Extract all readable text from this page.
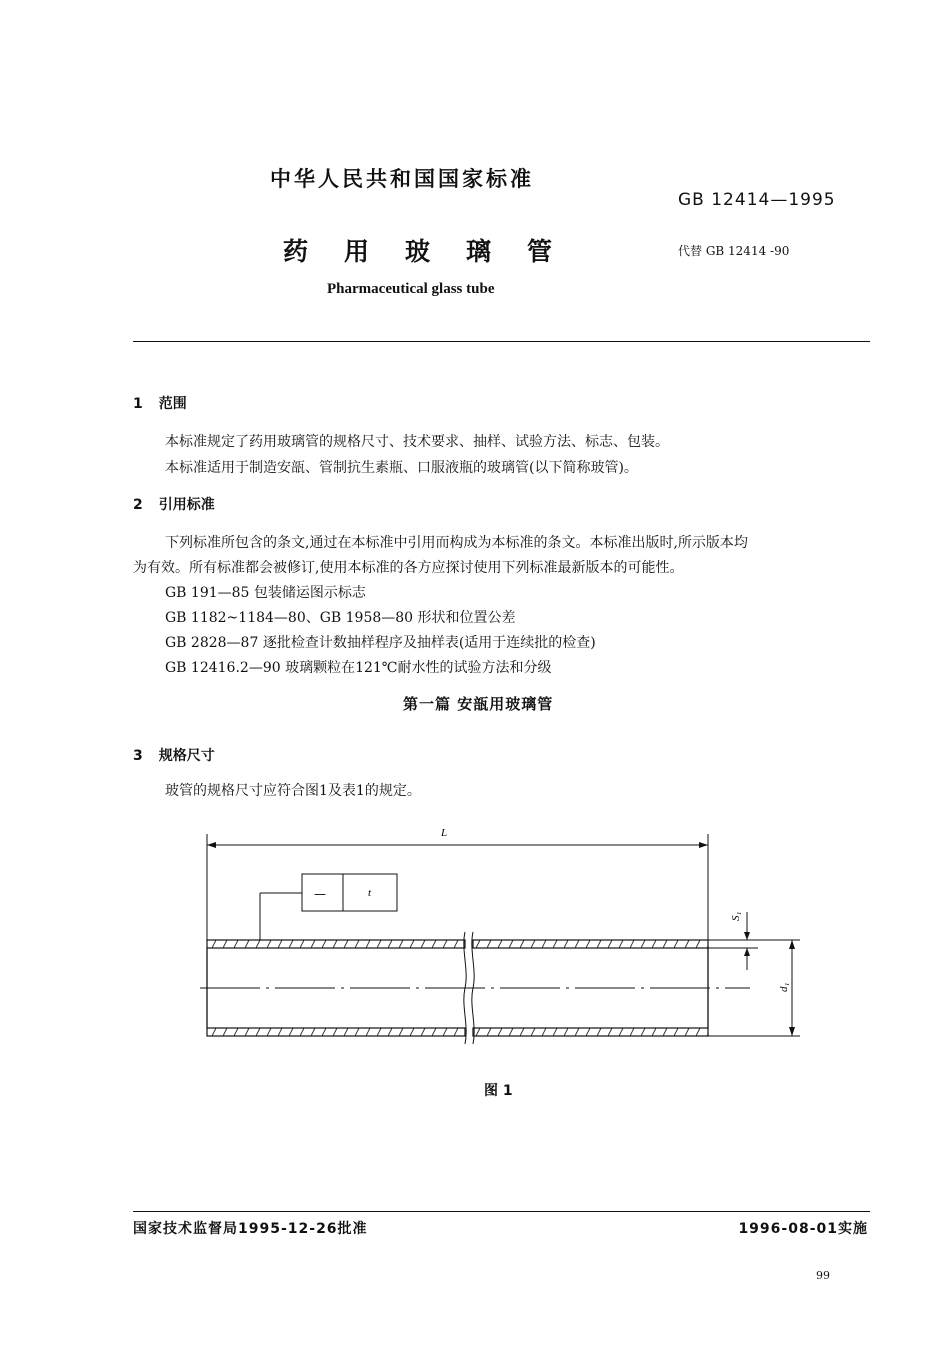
中华人民共和国国家标准
GB 12414—1995
药用玻璃管	代替 GB 12414 -90
Pharmaceutical glass tube
1 范围
本标准规定了药用玻璃管的规格尺寸、技术要求、抽样、试验方法、标志、包装。
本标准适用于制造安瓿、管制抗生素瓶、口服液瓶的玻璃管(以下简称玻管)。
2 引用标准
下列标准所包含的条文,通过在本标准中引用而构成为本标准的条文。本标准出版时,所示版本均
为有效。所有标准都会被修订,使用本标准的各方应探讨使用下列标准最新版本的可能性。
GB 191—85 包装储运图示标志
GB 1182~1184—80、GB 1958—80 形状和位置公差
GB 2828—87 逐批检查计数抽样程序及抽样表(适用于连续批的检查)
GB 12416.2—90 玻璃颗粒在121℃耐水性的试验方法和分级
第一篇 安瓿用玻璃管
3 规格尺寸
玻管的规格尺寸应符合图1及表1的规定。
L
—	t
S₁
d₁
图 1
国家技术监督局1995-12-26批准	1996-08-01实施
99
